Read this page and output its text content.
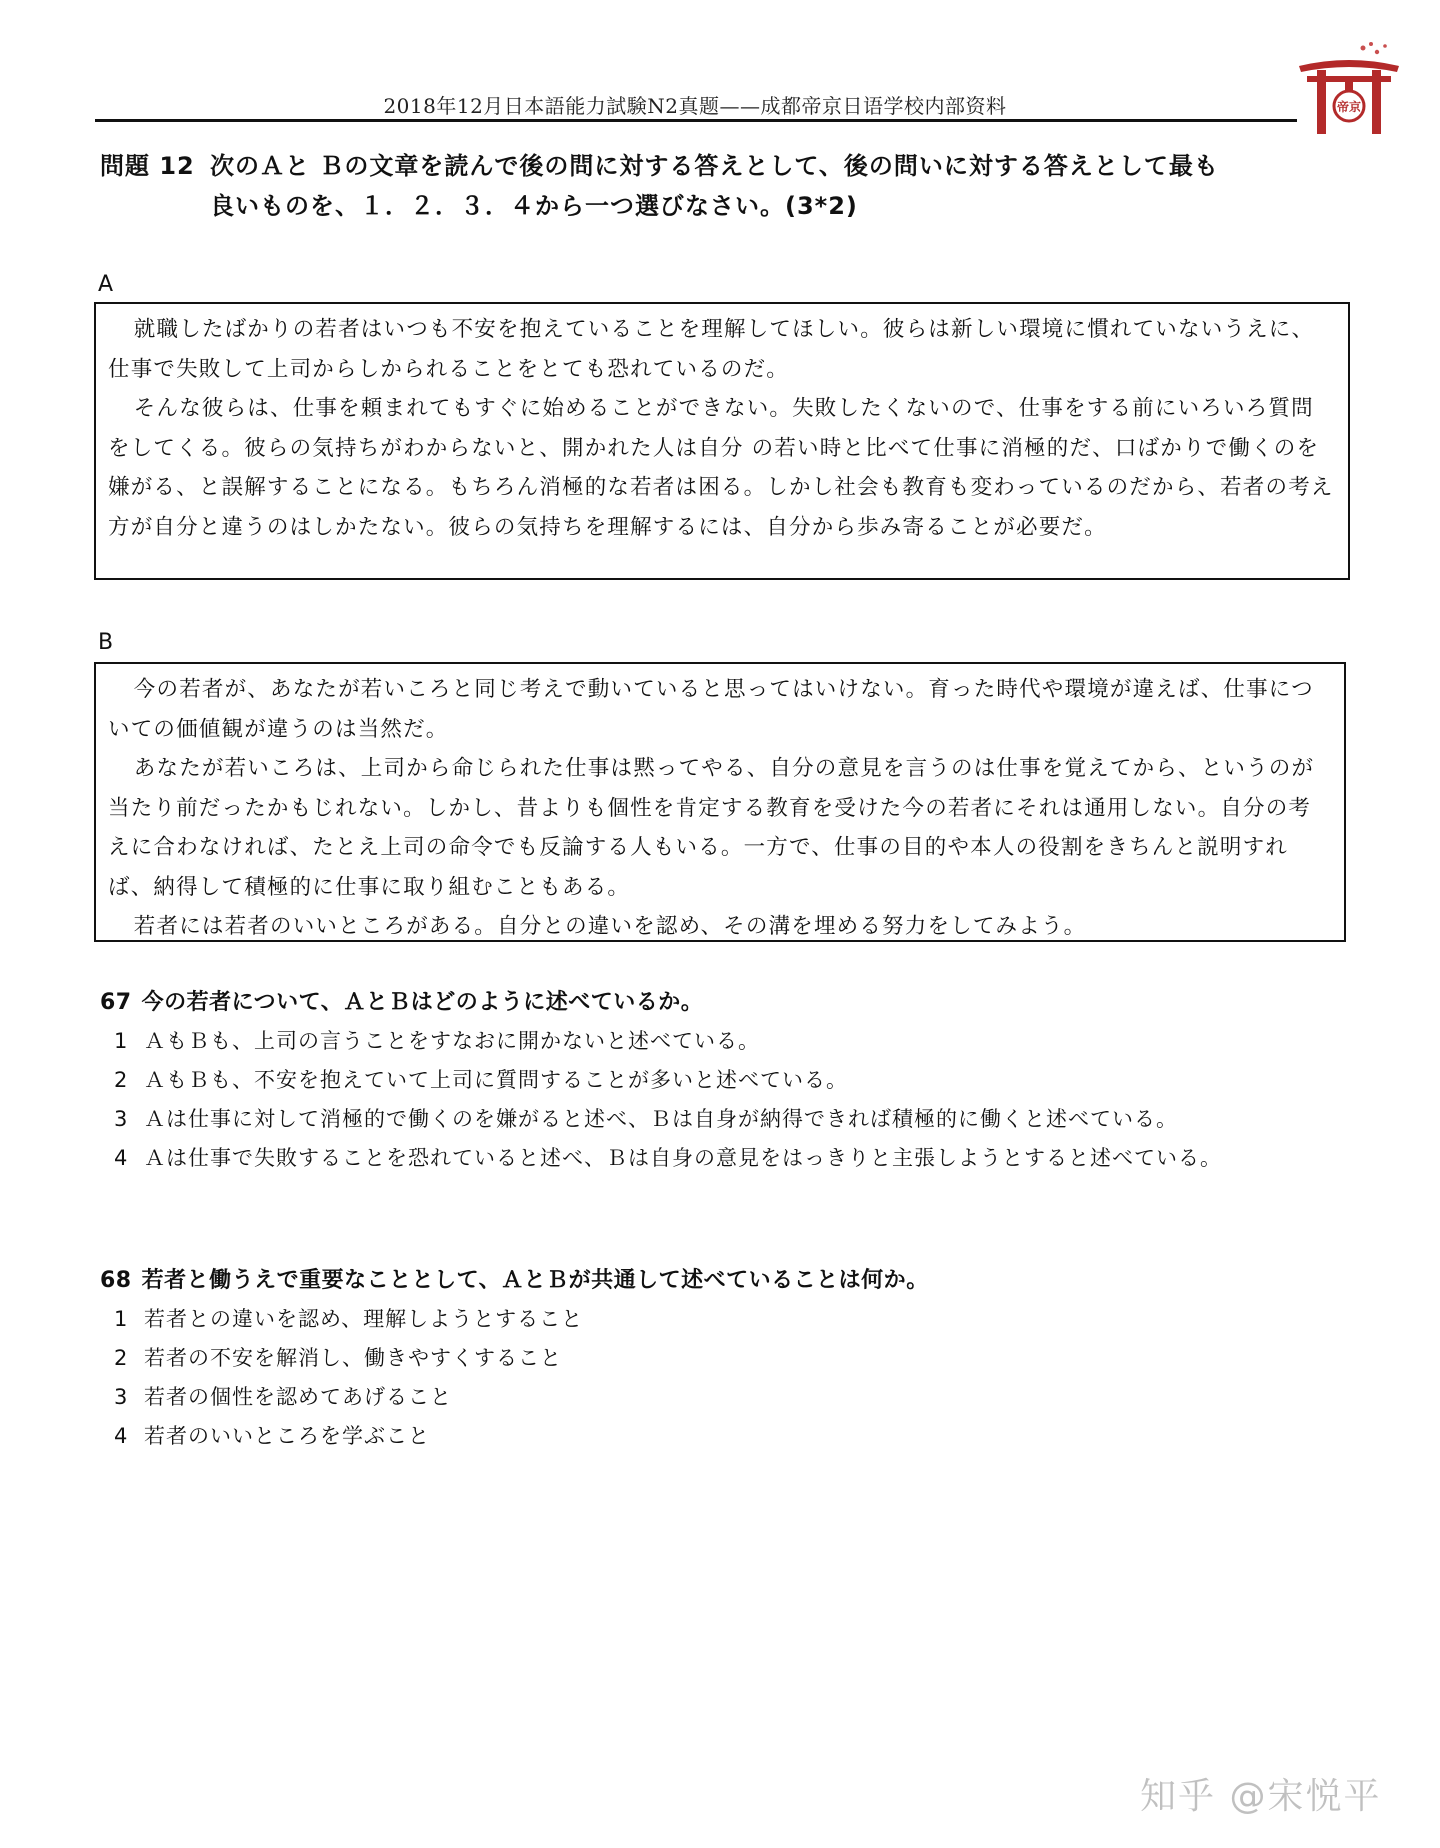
2018年12月日本語能力試験N2真题——成都帝京日语学校内部资料	帝京
問題 12 次のＡと Ｂの文章を読んで後の問に対する答えとして、後の問いに対する答えとして最も
良いものを、１．２．３．４から一つ選びなさい。(3*2)
A

就職したばかりの若者はいつも不安を抱えていることを理解してほしい。彼らは新しい環境に慣れていないうえに、仕事で失敗して上司からしかられることをとても恐れているのだ。

そんな彼らは、仕事を頼まれてもすぐに始めることができない。失敗したくないので、仕事をする前にいろいろ質問をしてくる。彼らの気持ちがわからないと、開かれた人は自分 の若い時と比べて仕事に消極的だ、口ばかりで働くのを嫌がる、と誤解することになる。もちろん消極的な若者は困る。しかし社会も教育も変わっているのだから、若者の考え方が自分と違うのはしかたない。彼らの気持ちを理解するには、自分から歩み寄ることが必要だ。

B

今の若者が、あなたが若いころと同じ考えで動いていると思ってはいけない。育った時代や環境が違えば、仕事についての価値観が違うのは当然だ。

あなたが若いころは、上司から命じられた仕事は黙ってやる、自分の意見を言うのは仕事を覚えてから、というのが当たり前だったかもじれない。しかし、昔よりも個性を肯定する教育を受けた今の若者にそれは通用しない。自分の考えに合わなければ、たとえ上司の命令でも反論する人もいる。一方で、仕事の目的や本人の役割をきちんと説明すれば、納得して積極的に仕事に取り組むこともある。

若者には若者のいいところがある。自分との違いを認め、その溝を埋める努力をしてみよう。

67 今の若者について、ＡとＢはどのように述べているか。
1 ＡもＢも、上司の言うことをすなおに開かないと述べている。
2 ＡもＢも、不安を抱えていて上司に質問することが多いと述べている。
3 Ａは仕事に対して消極的で働くのを嫌がると述べ、Ｂは自身が納得できれば積極的に働くと述べている。
4 Ａは仕事で失敗することを恐れていると述べ、Ｂは自身の意見をはっきりと主張しようとすると述べている。
68 若者と働うえで重要なこととして、ＡとＢが共通して述べていることは何か。
1 若者との違いを認め、理解しようとすること
2 若者の不安を解消し、働きやすくすること
3 若者の個性を認めてあげること
4 若者のいいところを学ぶこと
知乎 @宋悦平
